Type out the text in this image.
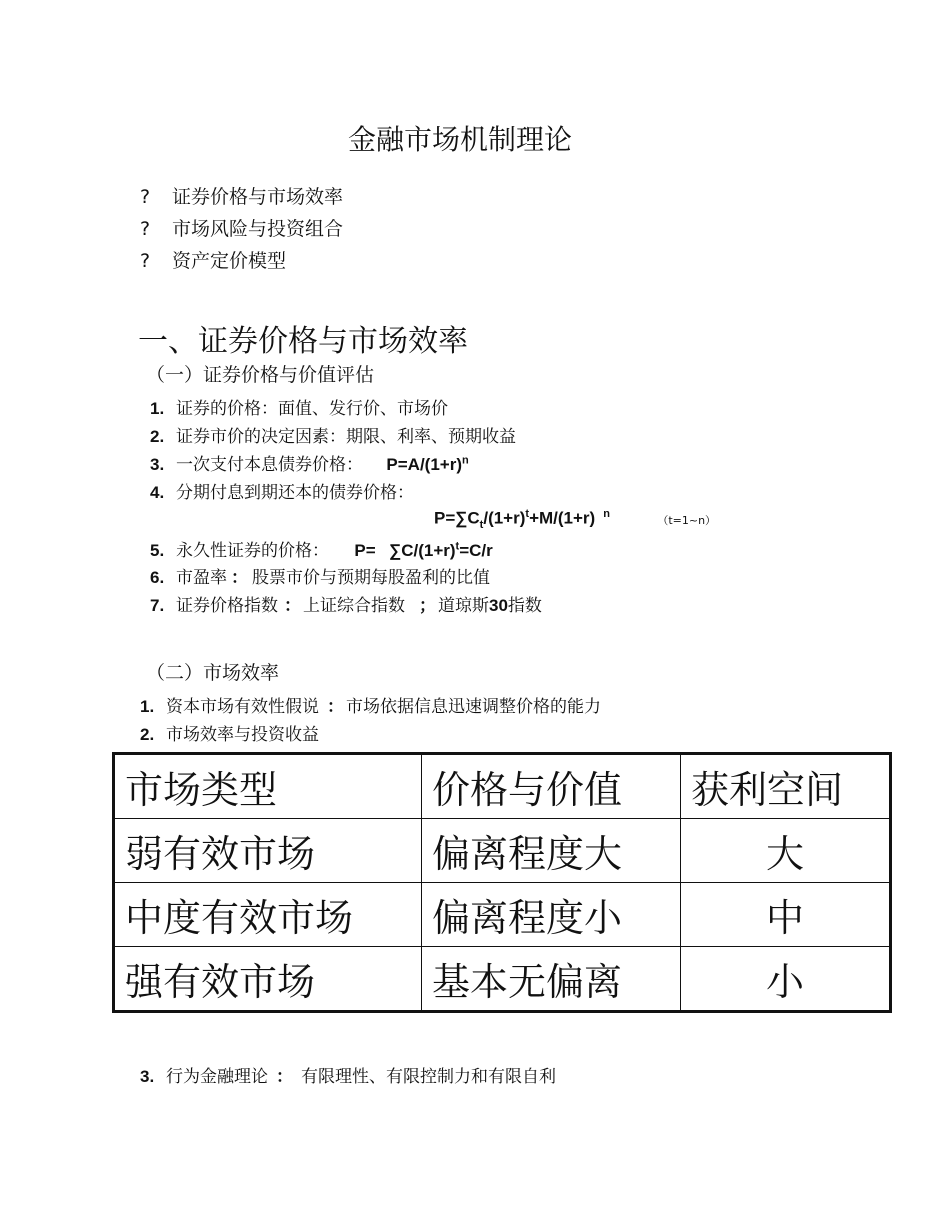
金融市场机制理论
? 证券价格与市场效率
? 市场风险与投资组合
? 资产定价模型
一、证券价格与市场效率
（一）证券价格与价值评估
1. 证券的价格：面值、发行价、市场价
2. 证券市价的决定因素：期限、利率、预期收益
3. 一次支付本息债券价格： $P=A/(1+r)^n$
4. 分期付息到期还本的债券价格：
$P=\sum C_t/(1+r)^t+M/(1+r)$ $^n$	（t=1~n）
5. 永久性证券的价格： $P= \sum C/(1+r)^t=C/r$
6. 市盈率 ： 股票市价与预期每股盈利的比值
7. 证券价格指数 ： 上证综合指数 ； 道琼斯30指数
（二）市场效率
1. 资本市场有效性假说 ： 市场依据信息迅速调整价格的能力
2. 市场效率与投资收益
市场类型	价格与价值	获利空间
弱有效市场	偏离程度大	大
中度有效市场	偏离程度小	中
强有效市场	基本无偏离	小
3. 行为金融理论 ： 有限理性、有限控制力和有限自利
